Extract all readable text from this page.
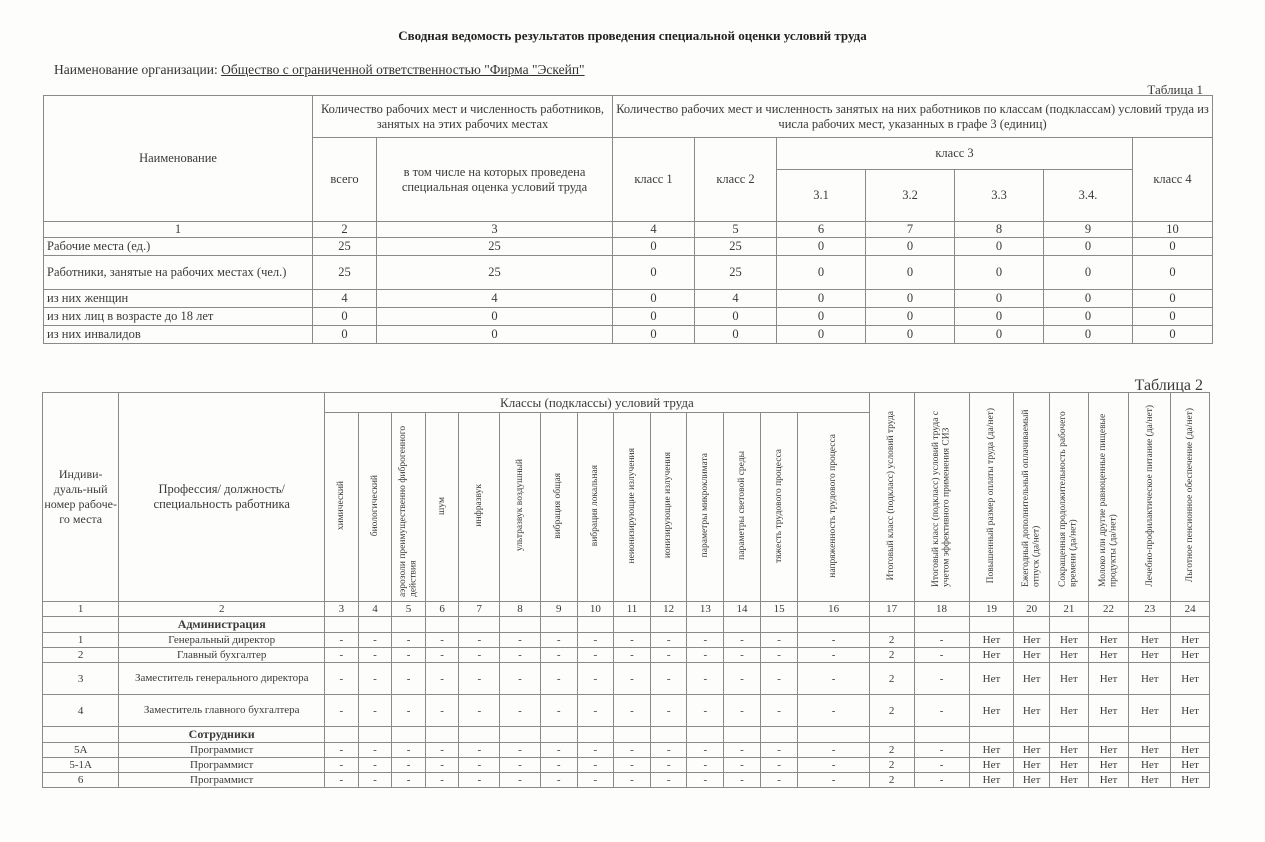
Сводная ведомость результатов проведения специальной оценки условий труда
Наименование организации: Общество с ограниченной ответственностью "Фирма "Эскейп"
Таблица 1
Наименование	Количество рабочих мест и численность работников, занятых на этих рабочих местах		Количество рабочих мест и численность занятых на них работников по классам (подклассам) условий труда из числа рабочих мест, указанных в графе 3 (единиц)						
	всего	в том числе на которых проведена специальная оценка условий труда	класс 1	класс 2	класс 3				класс 4
					3.1	3.2	3.3	3.4.	
1	2	3	4	5	6	7	8	9	10
Рабочие места (ед.)	25	25	0	25	0	0	0	0	0
Работники, занятые на рабочих местах (чел.)	25	25	0	25	0	0	0	0	0
из них женщин	4	4	0	4	0	0	0	0	0
из них лиц в возрасте до 18 лет	0	0	0	0	0	0	0	0	0
из них инвалидов	0	0	0	0	0	0	0	0	0
Таблица 2
Индиви-дуаль-ный номер рабоче-го места	Профессия/ должность/ специальность работника	Классы (подклассы) условий труда														Итоговый класс (подкласс) условий труда	Итоговый класс (подкласс) условий труда с учетом эффективного применения СИЗ	Повышенный размер оплаты труда (да/нет)	Ежегодный дополнительный оплачиваемый отпуск (да/нет)	Сокращенная продолжительность рабочего времени (да/нет)	Молоко или другие равноценные пищевые продукты (да/нет)	Лечебно-профилактическое питание (да/нет)	Льготное пенсионное обеспечение (да/нет)
		химический	биологический	аэрозоли преимущественно фиброгенного действия	шум	инфразвук	ультразвук воздушный	вибрация общая	вибрация локальная	неионизирующие излучения	ионизирующие излучения	параметры микроклимата	параметры световой среды	тяжесть трудового процесса	напряженность трудового процесса								
1	2	3	4	5	6	7	8	9	10	11	12	13	14	15	16	17	18	19	20	21	22	23	24
	Администрация																						
1	Генеральный директор	-	-	-	-	-	-	-	-	-	-	-	-	-	-	2	-	Нет	Нет	Нет	Нет	Нет	Нет
2	Главный бухгалтер	-	-	-	-	-	-	-	-	-	-	-	-	-	-	2	-	Нет	Нет	Нет	Нет	Нет	Нет
3	Заместитель генерального директора	-	-	-	-	-	-	-	-	-	-	-	-	-	-	2	-	Нет	Нет	Нет	Нет	Нет	Нет
4	Заместитель главного бухгалтера	-	-	-	-	-	-	-	-	-	-	-	-	-	-	2	-	Нет	Нет	Нет	Нет	Нет	Нет
	Сотрудники																						
5А	Программист	-	-	-	-	-	-	-	-	-	-	-	-	-	-	2	-	Нет	Нет	Нет	Нет	Нет	Нет
5-1А	Программист	-	-	-	-	-	-	-	-	-	-	-	-	-	-	2	-	Нет	Нет	Нет	Нет	Нет	Нет
6	Программист	-	-	-	-	-	-	-	-	-	-	-	-	-	-	2	-	Нет	Нет	Нет	Нет	Нет	Нет
